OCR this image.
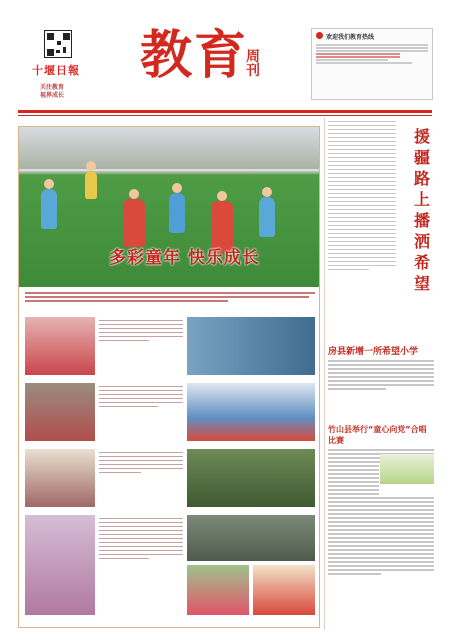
十堰日報
关注教育
视界成长
教育
周刊
欢迎我们教育热线
多彩童年 快乐成长
援疆路上播洒希望
房县新增一所希望小学
竹山县举行“童心向党”合唱比赛
